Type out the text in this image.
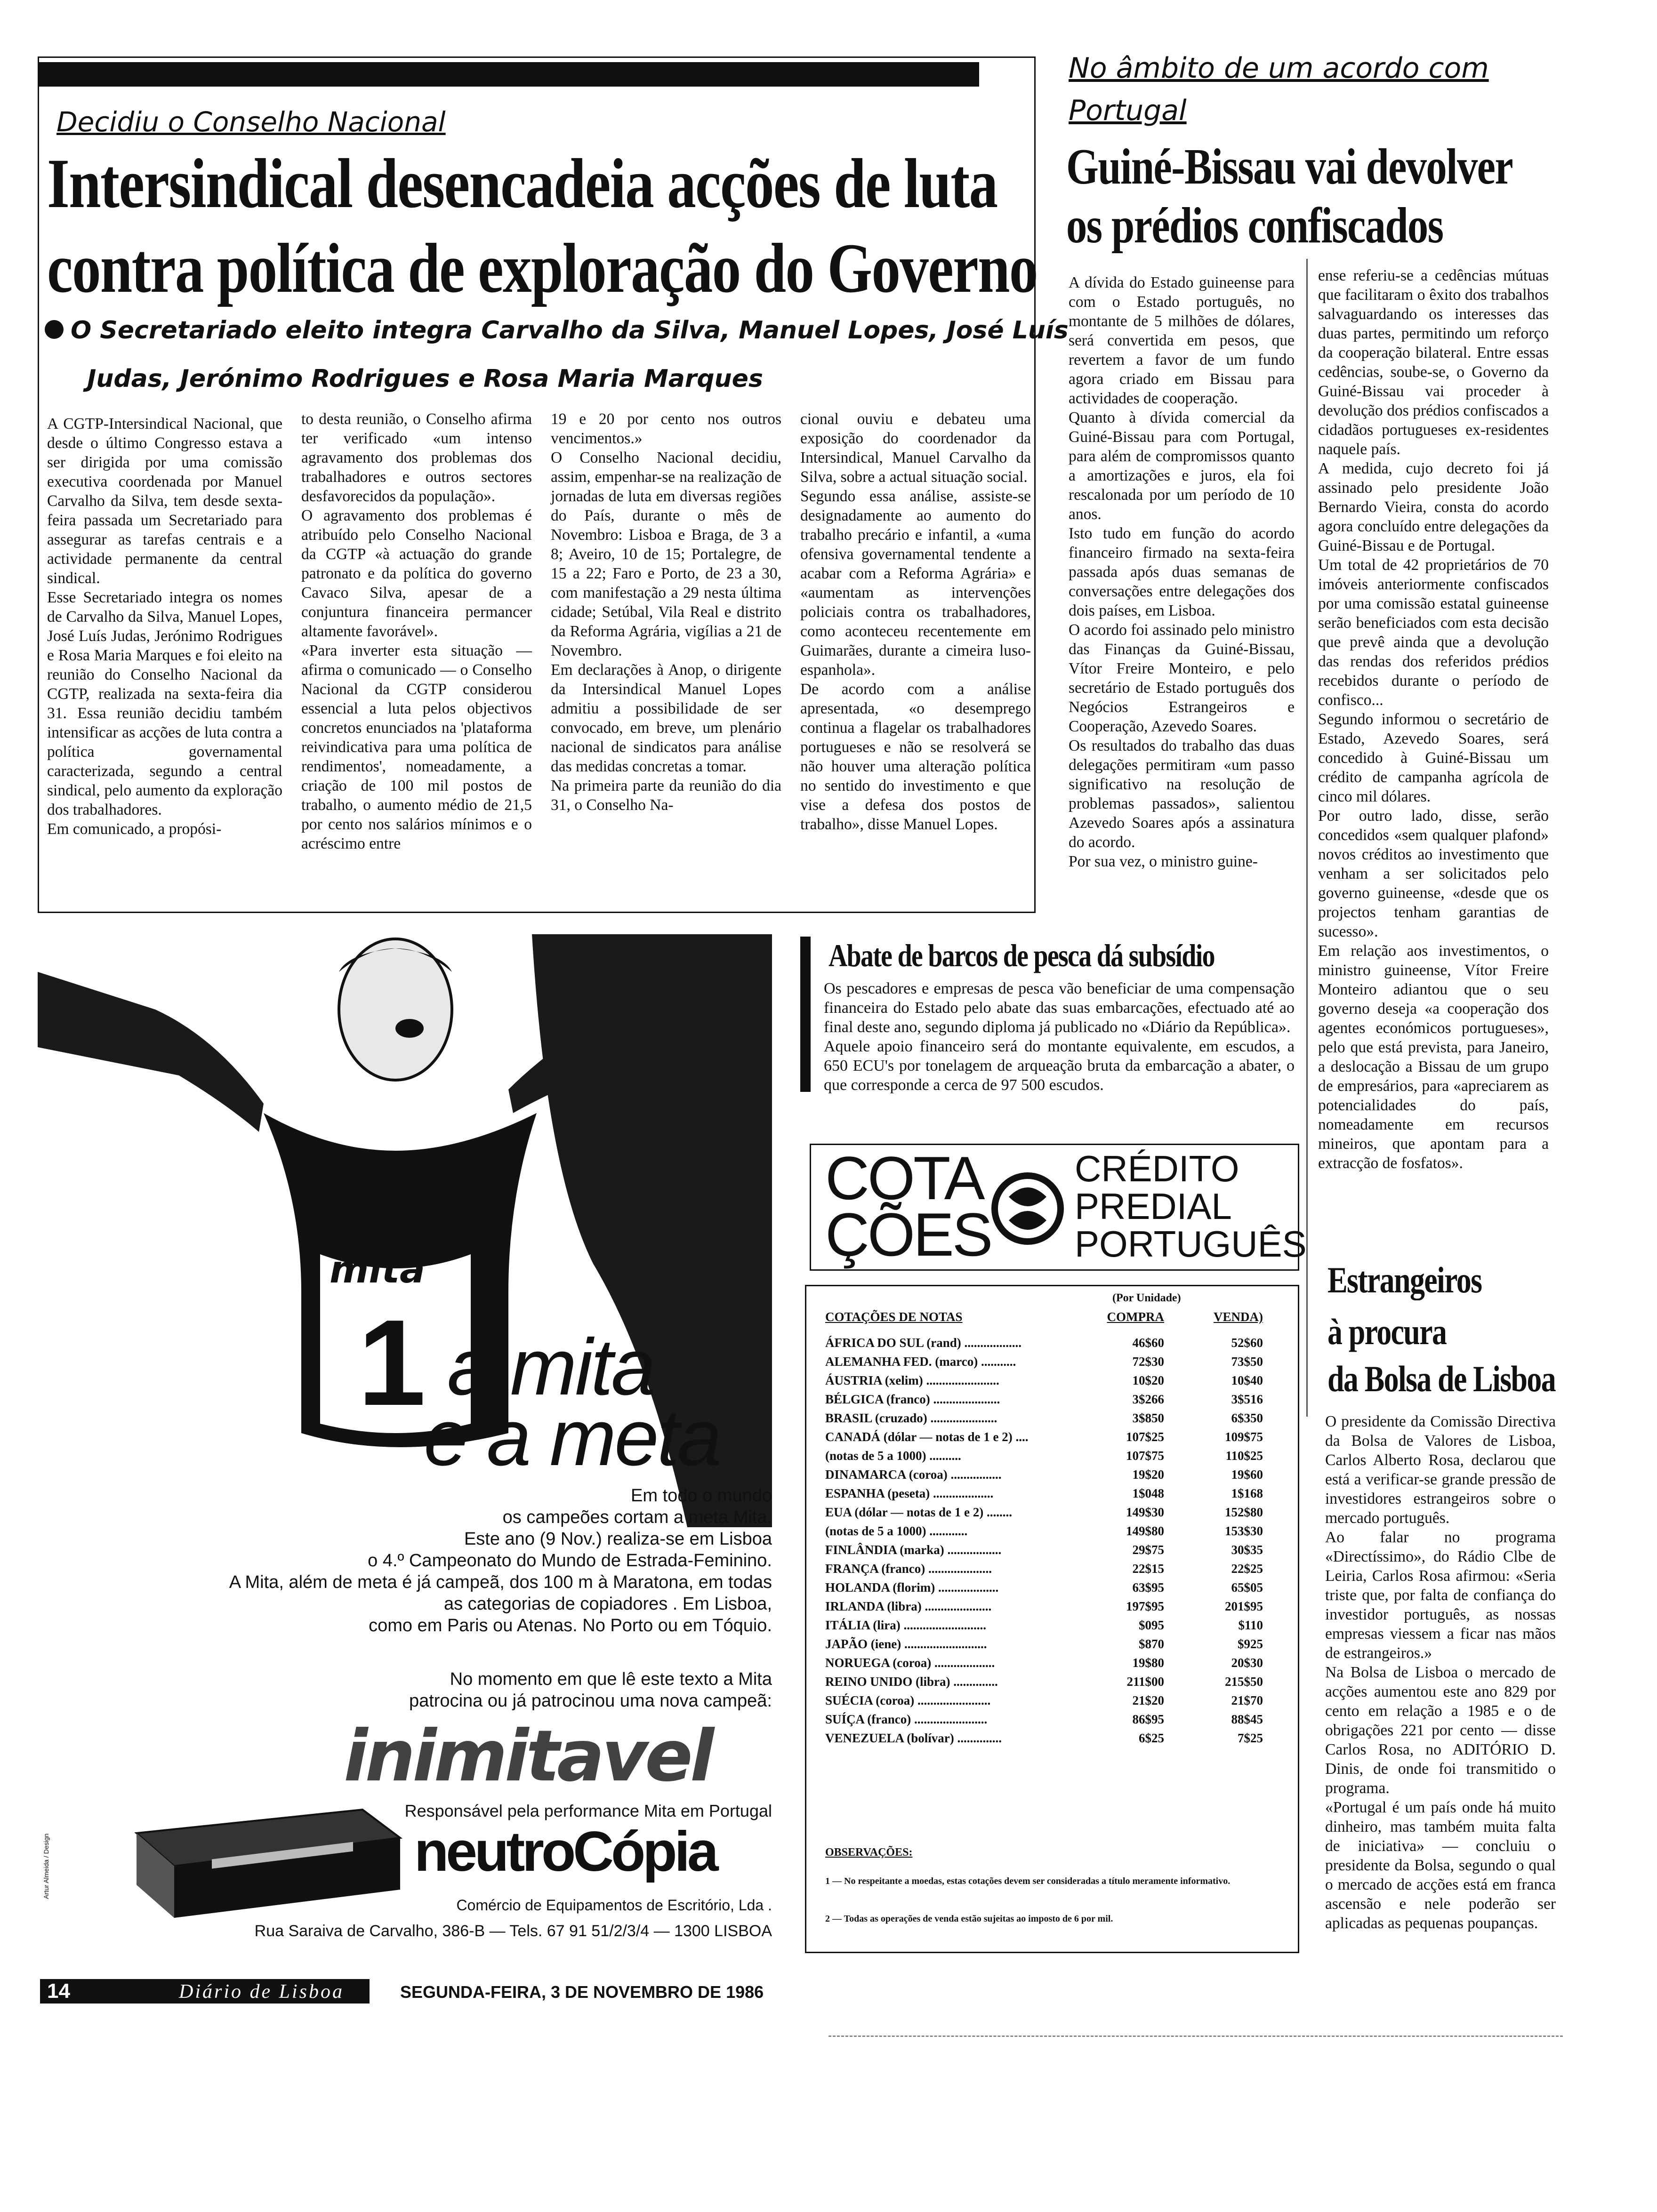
Decidiu o Conselho Nacional
Intersindical desencadeia acções de luta
contra política de exploração do Governo
O Secretariado eleito integra Carvalho da Silva, Manuel Lopes, José Luís
Judas, Jerónimo Rodrigues e Rosa Maria Marques
A CGTP-Intersindical Nacional, que desde o último Congresso estava a ser dirigida por uma comissão executiva coordenada por Manuel Carvalho da Silva, tem desde sexta-feira passada um Secretariado para assegurar as tarefas centrais e a actividade permanente da central sindical.
Esse Secretariado integra os nomes de Carvalho da Silva, Manuel Lopes, José Luís Judas, Jerónimo Rodrigues e Rosa Maria Marques e foi eleito na reunião do Conselho Nacional da CGTP, realizada na sexta-feira dia 31. Essa reunião decidiu também intensificar as acções de luta contra a política governamental caracterizada, segundo a central sindical, pelo aumento da exploração dos trabalhadores.
Em comunicado, a propósi-
to desta reunião, o Conselho afirma ter verificado «um intenso agravamento dos problemas dos trabalhadores e outros sectores desfavorecidos da população».
O agravamento dos problemas é atribuído pelo Conselho Nacional da CGTP «à actuação do grande patronato e da política do governo Cavaco Silva, apesar de a conjuntura financeira permancer altamente favorável».
«Para inverter esta situação — afirma o comunicado — o Conselho Nacional da CGTP considerou essencial a luta pelos objectivos concretos enunciados na 'plataforma reivindicativa para uma política de rendimentos', nomeadamente, a criação de 100 mil postos de trabalho, o aumento médio de 21,5 por cento nos salários mínimos e o acréscimo entre
19 e 20 por cento nos outros vencimentos.»
O Conselho Nacional decidiu, assim, empenhar-se na realização de jornadas de luta em diversas regiões do País, durante o mês de Novembro: Lisboa e Braga, de 3 a 8; Aveiro, 10 de 15; Portalegre, de 15 a 22; Faro e Porto, de 23 a 30, com manifestação a 29 nesta última cidade; Setúbal, Vila Real e distrito da Reforma Agrária, vigílias a 21 de Novembro.
Em declarações à Anop, o dirigente da Intersindical Manuel Lopes admitiu a possibilidade de ser convocado, em breve, um plenário nacional de sindicatos para análise das medidas concretas a tomar.
Na primeira parte da reunião do dia 31, o Conselho Na-
cional ouviu e debateu uma exposição do coordenador da Intersindical, Manuel Carvalho da Silva, sobre a actual situação social.
Segundo essa análise, assiste-se designadamente ao aumento do trabalho precário e infantil, a «uma ofensiva governamental tendente a acabar com a Reforma Agrária» e «aumentam as intervenções policiais contra os trabalhadores, como aconteceu recentemente em Guimarães, durante a cimeira luso-espanhola».
De acordo com a análise apresentada, «o desemprego continua a flagelar os trabalhadores portugueses e não se resolverá se não houver uma alteração política no sentido do investimento e que vise a defesa dos postos de trabalho», disse Manuel Lopes.
No âmbito de um acordo com
Portugal
Guiné-Bissau vai devolver
os prédios confiscados
A dívida do Estado guineense para com o Estado português, no montante de 5 milhões de dólares, será convertida em pesos, que revertem a favor de um fundo agora criado em Bissau para actividades de cooperação.
Quanto à dívida comercial da Guiné-Bissau para com Portugal, para além de compromissos quanto a amortizações e juros, ela foi rescalonada por um período de 10 anos.
Isto tudo em função do acordo financeiro firmado na sexta-feira passada após duas semanas de conversações entre delegações dos dois países, em Lisboa.
O acordo foi assinado pelo ministro das Finanças da Guiné-Bissau, Vítor Freire Monteiro, e pelo secretário de Estado português dos Negócios Estrangeiros e Cooperação, Azevedo Soares.
Os resultados do trabalho das duas delegações permitiram «um passo significativo na resolução de problemas passados», salientou Azevedo Soares após a assinatura do acordo.
Por sua vez, o ministro guine-
ense referiu-se a cedências mútuas que facilitaram o êxito dos trabalhos salvaguardando os interesses das duas partes, permitindo um reforço da cooperação bilateral. Entre essas cedências, soube-se, o Governo da Guiné-Bissau vai proceder à devolução dos prédios confiscados a cidadãos portugueses ex-residentes naquele país.
A medida, cujo decreto foi já assinado pelo presidente João Bernardo Vieira, consta do acordo agora concluído entre delegações da Guiné-Bissau e de Portugal.
Um total de 42 proprietários de 70 imóveis anteriormente confiscados por uma comissão estatal guineense serão beneficiados com esta decisão que prevê ainda que a devolução das rendas dos referidos prédios recebidos durante o período de confisco...
Segundo informou o secretário de Estado, Azevedo Soares, será concedido à Guiné-Bissau um crédito de campanha agrícola de cinco mil dólares.
Por outro lado, disse, serão concedidos «sem qualquer plafond» novos créditos ao investimento que venham a ser solicitados pelo governo guineense, «desde que os projectos tenham garantias de sucesso».
Em relação aos investimentos, o ministro guineense, Vítor Freire Monteiro adiantou que o seu governo deseja «a cooperação dos agentes económicos portugueses», pelo que está prevista, para Janeiro, a deslocação a Bissau de um grupo de empresários, para «apreciarem as potencialidades do país, nomeadamente em recursos mineiros, que apontam para a extracção de fosfatos».
Abate de barcos de pesca dá subsídio
Os pescadores e empresas de pesca vão beneficiar de uma compensação financeira do Estado pelo abate das suas embarcações, efectuado até ao final deste ano, segundo diploma já publicado no «Diário da República».
Aquele apoio financeiro será do montante equivalente, em escudos, a 650 ECU's por tonelagem de arqueação bruta da embarcação a abater, o que corresponde a cerca de 97 500 escudos.
COTA
ÇÕES
CRÉDITO
PREDIAL
PORTUGUÊS
(Por Unidade)
COTAÇÕES DE NOTAS	COMPRA	VENDA)
ÁFRICA DO SUL (rand) ..................	46$60	52$60
ALEMANHA FED. (marco) ...........	72$30	73$50
ÁUSTRIA (xelim) .......................	10$20	10$40
BÉLGICA (franco) .....................	3$266	3$516
BRASIL (cruzado) .....................	3$850	6$350
CANADÁ (dólar — notas de 1 e 2) ....	107$25	109$75
(notas de 5 a 1000) ..........	107$75	110$25
DINAMARCA (coroa) ................	19$20	19$60
ESPANHA (peseta) ...................	1$048	1$168
EUA (dólar — notas de 1 e 2) ........	149$30	152$80
(notas de 5 a 1000) ............	149$80	153$30
FINLÂNDIA (marka) .................	29$75	30$35
FRANÇA (franco) ....................	22$15	22$25
HOLANDA (florim) ...................	63$95	65$05
IRLANDA (libra) .....................	197$95	201$95
ITÁLIA (lira) ..........................	$095	$110
JAPÃO (iene) ..........................	$870	$925
NORUEGA (coroa) ...................	19$80	20$30
REINO UNIDO (libra) ..............	211$00	215$50
SUÉCIA (coroa) .......................	21$20	21$70
SUÍÇA (franco) .......................	86$95	88$45
VENEZUELA (bolívar) ..............	6$25	7$25
OBSERVAÇÕES:
1 — No respeitante a moedas, estas cotações devem ser consideradas a título meramente informativo.
2 — Todas as operações de venda estão sujeitas ao imposto de 6 por mil.
Estrangeiros
à procura
da Bolsa de Lisboa
O presidente da Comissão Directiva da Bolsa de Valores de Lisboa, Carlos Alberto Rosa, declarou que está a verificar-se grande pressão de investidores estrangeiros sobre o mercado português.
Ao falar no programa «Directíssimo», do Rádio Clbe de Leiria, Carlos Rosa afirmou: «Seria triste que, por falta de confiança do investidor português, as nossas empresas viessem a ficar nas mãos de estrangeiros.»
Na Bolsa de Lisboa o mercado de acções aumentou este ano 829 por cento em relação a 1985 e o de obrigações 221 por cento — disse Carlos Rosa, no ADITÓRIO D. Dinis, de onde foi transmitido o programa.
«Portugal é um país onde há muito dinheiro, mas também muita falta de iniciativa» — concluiu o presidente da Bolsa, segundo o qual o mercado de acções está em franca ascensão e nele poderão ser aplicadas as pequenas poupanças.
mita
1 a mita
e a meta
Em todo o mundo
os campeões cortam a meta Mita.
Este ano (9 Nov.) realiza-se em Lisboa
o 4.º Campeonato do Mundo de Estrada-Feminino.
A Mita, além de meta é já campeã, dos 100 m à Maratona, em todas
as categorias de copiadores . Em Lisboa,
como em Paris ou Atenas. No Porto ou em Tóquio.
No momento em que lê este texto a Mita
patrocina ou já patrocinou uma nova campeã:
inimitavel
Responsável pela performance Mita em Portugal
neutroCópia
Comércio de Equipamentos de Escritório, Lda .
Rua Saraiva de Carvalho, 386-B — Tels. 67 91 51/2/3/4 — 1300 LISBOA
Artur Almeida / Design
14	Diário de Lisboa	SEGUNDA-FEIRA, 3 DE NOVEMBRO DE 1986
